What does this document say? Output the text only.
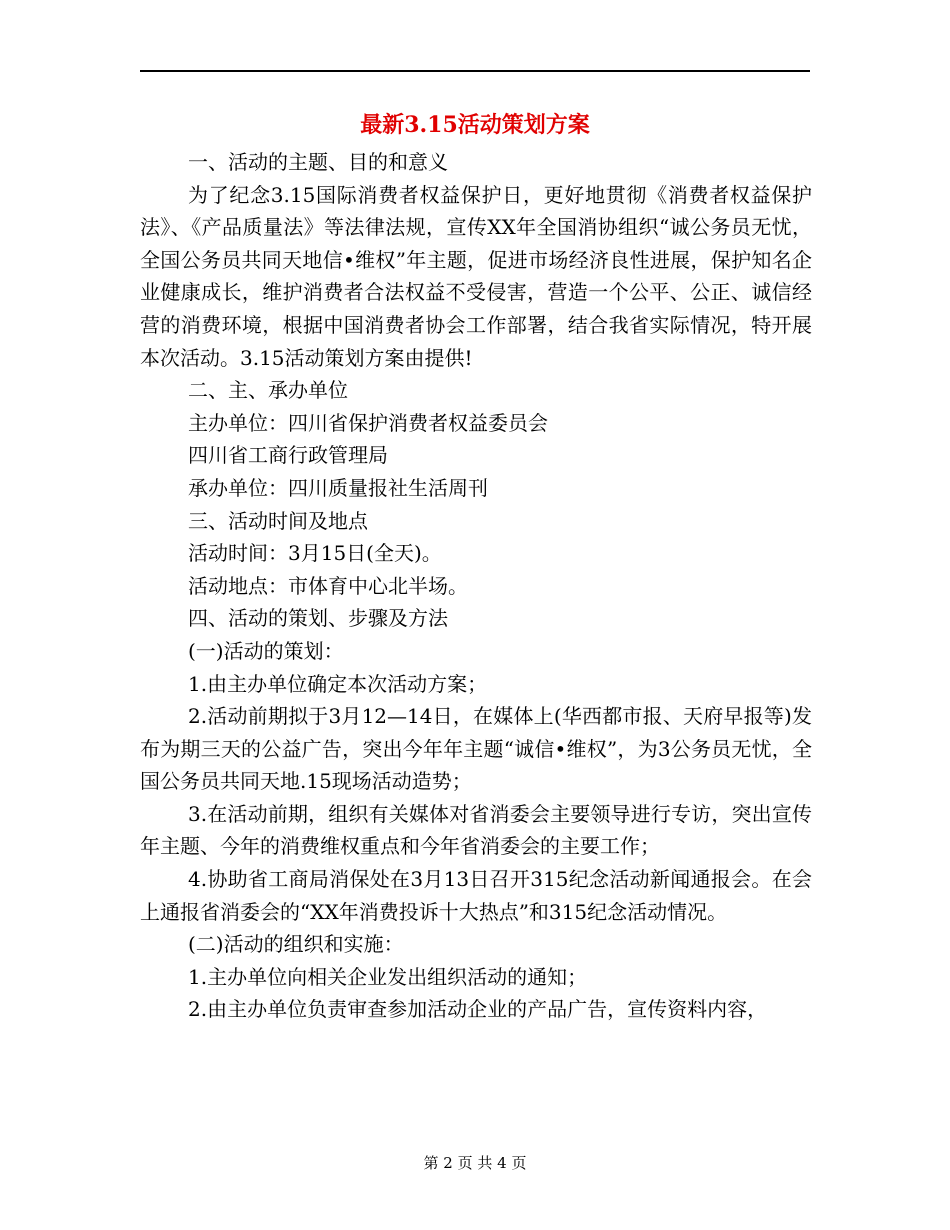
最新3.15活动策划方案

一、活动的主题、目的和意义

为了纪念3.15国际消费者权益保护日，更好地贯彻《消费者权益保护法》、《产品质量法》等法律法规，宣传XX年全国消协组织“诚公务员无忧，全国公务员共同天地信•维权”年主题，促进市场经济良性进展，保护知名企业健康成长，维护消费者合法权益不受侵害，营造一个公平、公正、诚信经营的消费环境，根据中国消费者协会工作部署，结合我省实际情况，特开展本次活动。3.15活动策划方案由提供!

二、主、承办单位

主办单位：四川省保护消费者权益委员会

四川省工商行政管理局

承办单位：四川质量报社生活周刊

三、活动时间及地点

活动时间：3月15日(全天)。

活动地点：市体育中心北半场。

四、活动的策划、步骤及方法

(一)活动的策划：

1.由主办单位确定本次活动方案；

2.活动前期拟于3月12—14日，在媒体上(华西都市报、天府早报等)发布为期三天的公益广告，突出今年年主题“诚信•维权”，为3公务员无忧，全国公务员共同天地.15现场活动造势；

3.在活动前期，组织有关媒体对省消委会主要领导进行专访，突出宣传年主题、今年的消费维权重点和今年省消委会的主要工作；

4.协助省工商局消保处在3月13日召开315纪念活动新闻通报会。在会上通报省消委会的“XX年消费投诉十大热点”和315纪念活动情况。

(二)活动的组织和实施：

1.主办单位向相关企业发出组织活动的通知；

2.由主办单位负责审查参加活动企业的产品广告，宣传资料内容，

第 2 页 共 4 页
